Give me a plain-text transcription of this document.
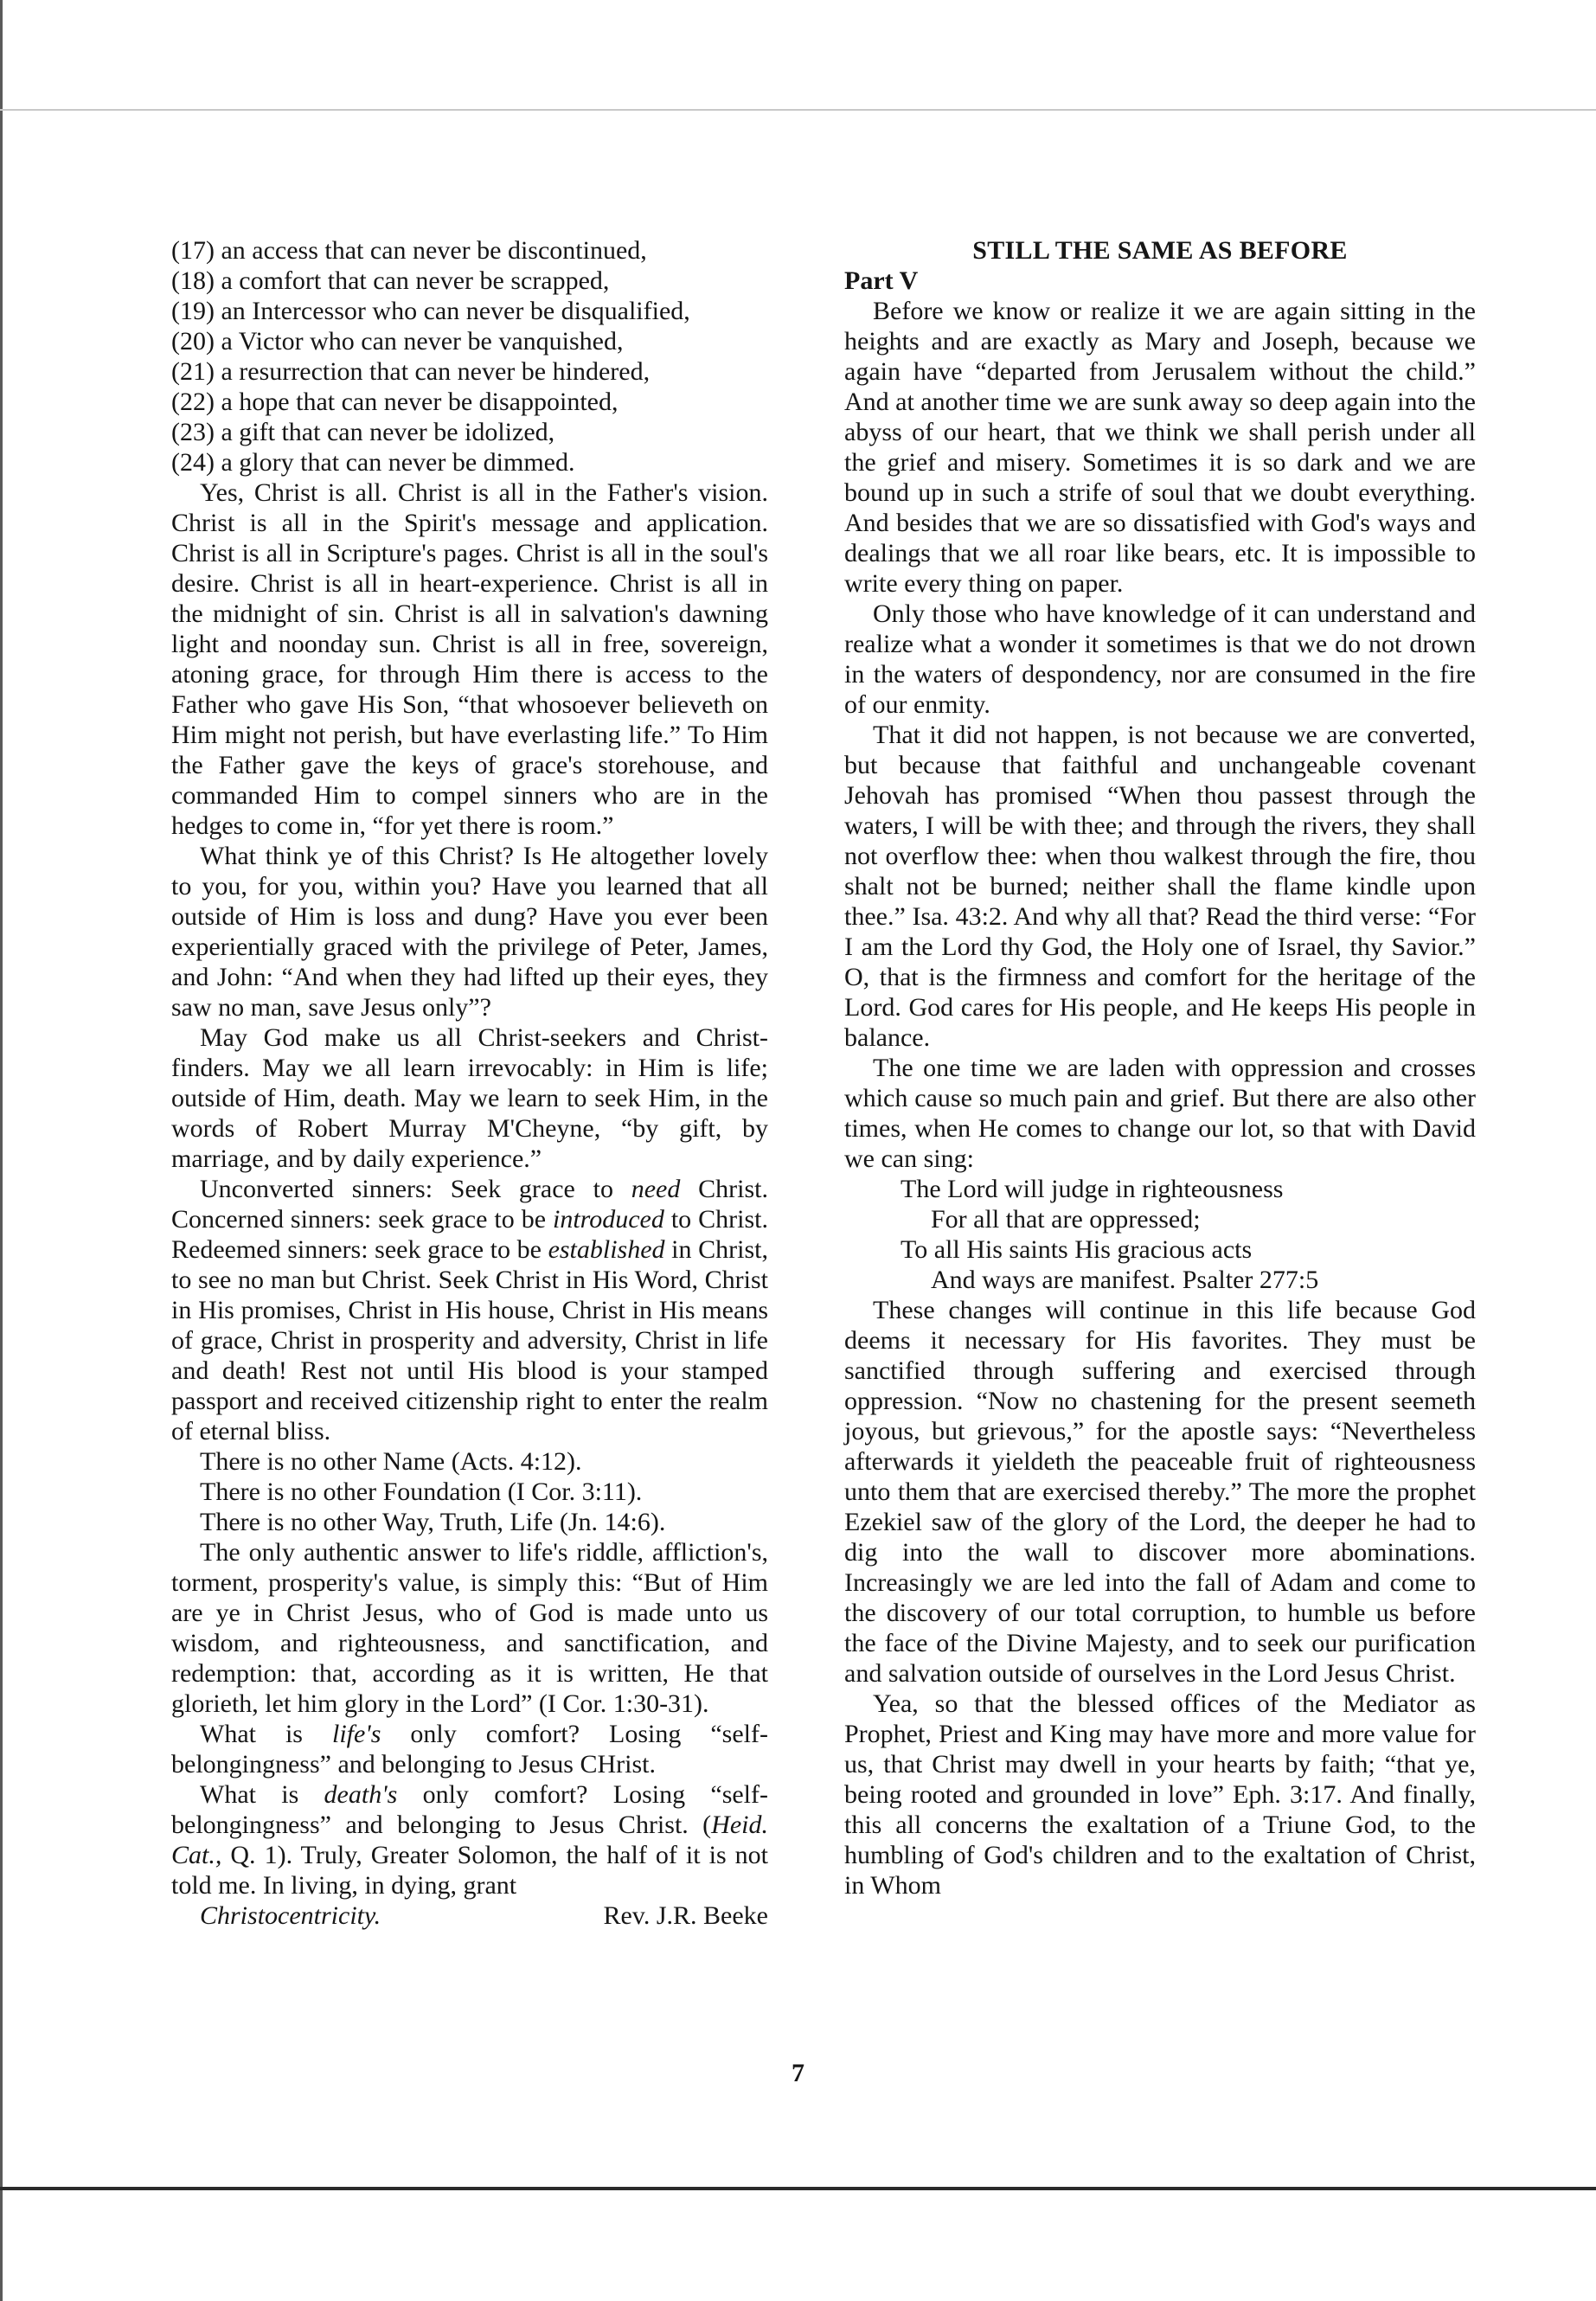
(17) an access that can never be discontinued,

(18) a comfort that can never be scrapped,

(19) an Intercessor who can never be disqualified,

(20) a Victor who can never be vanquished,

(21) a resurrection that can never be hindered,

(22) a hope that can never be disappointed,

(23) a gift that can never be idolized,

(24) a glory that can never be dimmed.

Yes, Christ is all. Christ is all in the Father's vision. Christ is all in the Spirit's message and application. Christ is all in Scripture's pages. Christ is all in the soul's desire. Christ is all in heart-experience. Christ is all in the midnight of sin. Christ is all in salvation's dawning light and noonday sun. Christ is all in free, sovereign, atoning grace, for through Him there is access to the Father who gave His Son, “that whosoever believeth on Him might not perish, but have everlasting life.” To Him the Father gave the keys of grace's storehouse, and commanded Him to compel sinners who are in the hedges to come in, “for yet there is room.”

What think ye of this Christ? Is He altogether lovely to you, for you, within you? Have you learned that all outside of Him is loss and dung? Have you ever been experientially graced with the privilege of Peter, James, and John: “And when they had lifted up their eyes, they saw no man, save Jesus only”?

May God make us all Christ-seekers and Christ-finders. May we all learn irrevocably: in Him is life; outside of Him, death. May we learn to seek Him, in the words of Robert Murray M'Cheyne, “by gift, by marriage, and by daily experience.”

Unconverted sinners: Seek grace to need Christ. Concerned sinners: seek grace to be introduced to Christ. Redeemed sinners: seek grace to be established in Christ, to see no man but Christ. Seek Christ in His Word, Christ in His promises, Christ in His house, Christ in His means of grace, Christ in prosperity and adversity, Christ in life and death! Rest not until His blood is your stamped passport and received citizenship right to enter the realm of eternal bliss.

There is no other Name (Acts. 4:12).

There is no other Foundation (I Cor. 3:11).

There is no other Way, Truth, Life (Jn. 14:6).

The only authentic answer to life's riddle, affliction's, torment, prosperity's value, is simply this: “But of Him are ye in Christ Jesus, who of God is made unto us wisdom, and righteousness, and sanctification, and redemption: that, according as it is written, He that glorieth, let him glory in the Lord” (I Cor. 1:30-31).

What is life's only comfort? Losing “self-belongingness” and belonging to Jesus CHrist.

What is death's only comfort? Losing “self-belongingness” and belonging to Jesus Christ. (Heid. Cat., Q. 1). Truly, Greater Solomon, the half of it is not told me. In living, in dying, grant
Christocentricity.	Rev. J.R. Beeke

STILL THE SAME AS BEFORE

Part V

Before we know or realize it we are again sitting in the heights and are exactly as Mary and Joseph, because we again have “departed from Jerusalem without the child.” And at another time we are sunk away so deep again into the abyss of our heart, that we think we shall perish under all the grief and misery. Sometimes it is so dark and we are bound up in such a strife of soul that we doubt everything. And besides that we are so dissatisfied with God's ways and dealings that we all roar like bears, etc. It is impossible to write every thing on paper.

Only those who have knowledge of it can understand and realize what a wonder it sometimes is that we do not drown in the waters of despondency, nor are consumed in the fire of our enmity.

That it did not happen, is not because we are converted, but because that faithful and unchangeable covenant Jehovah has promised “When thou passest through the waters, I will be with thee; and through the rivers, they shall not overflow thee: when thou walkest through the fire, thou shalt not be burned; neither shall the flame kindle upon thee.” Isa. 43:2. And why all that? Read the third verse: “For I am the Lord thy God, the Holy one of Israel, thy Savior.” O, that is the firmness and comfort for the heritage of the Lord. God cares for His people, and He keeps His people in balance.

The one time we are laden with oppression and crosses which cause so much pain and grief. But there are also other times, when He comes to change our lot, so that with David we can sing:

The Lord will judge in righteousness

For all that are oppressed;

To all His saints His gracious acts

And ways are manifest. Psalter 277:5

These changes will continue in this life because God deems it necessary for His favorites. They must be sanctified through suffering and exercised through oppression. “Now no chastening for the present seemeth joyous, but grievous,” for the apostle says: “Nevertheless afterwards it yieldeth the peaceable fruit of righteousness unto them that are exercised thereby.” The more the prophet Ezekiel saw of the glory of the Lord, the deeper he had to dig into the wall to discover more abominations. Increasingly we are led into the fall of Adam and come to the discovery of our total corruption, to humble us before the face of the Divine Majesty, and to seek our purification and salvation outside of ourselves in the Lord Jesus Christ.

Yea, so that the blessed offices of the Mediator as Prophet, Priest and King may have more and more value for us, that Christ may dwell in your hearts by faith; “that ye, being rooted and grounded in love” Eph. 3:17. And finally, this all concerns the exaltation of a Triune God, to the humbling of God's children and to the exaltation of Christ, in Whom

7
